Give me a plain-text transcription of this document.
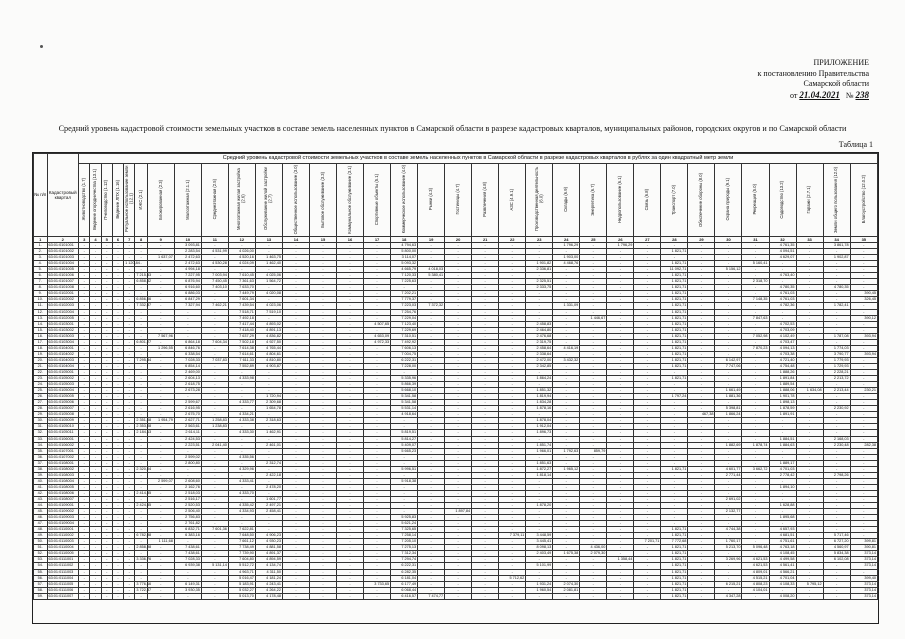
ПРИЛОЖЕНИЕ
к постановлению Правительства
Самарской области
от 21.04.2021 № 238
Средний уровень кадастровой стоимости земельных участков в составе земель населенных пунктов в Самарской области в разрезе кадастровых кварталов, муниципальных районов, городских округов и по Самарской области
Таблица 1
№ п/п	Кадастровый квартал	Средний уровень кадастровой стоимости земельных участков в составе земель населенных пунктов в Самарской области в разрезе кадастровых кварталов в рублях за один квадратный метр земли																																
		Животноводство (1.7)	Ведение огородничества (13.1)	Пчеловодство (1.12)	Ведение ЛПХ (1.16)	Ритуальное использование земли (12.1)	ИЖС (2.1)	Блокированная (2.3)	Малоэтажная (2.1.1)	Среднеэтажная (2.5)	Многоэтажная жилая застройка (2.6)	Обслуживание жилой застройки (2.7)	Общественное использование (3.0)	Бытовое обслуживание (3.3)	Коммунальное обслуживание (3.1)	Спортивные объекты (5.1)	Коммерческое использование (4.0)	Рынки (4.3)	Гостиницы (4.7)	Развлечения (4.8)	АЗС (4.9.1)	Производственная деятельность (6.0)	Склады (6.9)	Энергетика (6.7)	Недропользование (6.1)	Связь (6.8)	Транспорт (7.0)	Обеспечение обороны (8.0)	Охрана природы (9.1)	Рекреация (5.0)	Садоводство (13.2)	Гаражи (2.7.1)	Земли общего пользования (12.0)	Благоустройство (12.0.2)
1	2	3	4	5	6	7	8	9	10	11	12	13	14	15	16	17	18	19	20	21	22	23	24	25	26	27	28	29	30	31	32	33	34	35
1.	63:01:0101001	-	-	-	-	-	-	-	3 093,81	-	-	-	-	-	-	-	4 794,63	-	-	-	-	-	1 796,29	-	1 796,29	-	-	-	-	-	4 761,35	-	3 861,78	-
2.	63:01:0101002	-	-	-	-	-	-	-	2 283,54	4 531,99	4 026,00	-	-	-	-	-	5 800,00	-	-	-	-	-	-	-	-	-	1 821,71	-	-	-	4 094,51	-	-	-
3.	63:01:0101003	-	-	-	-	-	-	1 637,07	2 472,63	-	4 520,16	1 463,75	-	-	-	-	3 114,07	-	-	-	-	-	1 903,00	-	-	-	-	-	-	-	4 629,07	-	1 902,87	-
4.	63:01:0101004	-	-	-	-	1 120,84	-	-	2 472,63	4 530,28	4 024,09	1 462,40	-	-	-	-	5 093,32	-	-	-	-	1 901,82	4 468,76	-	-	-	1 821,71	-	-	5 160,41	-	-	-	-
5.	63:01:0101005	-	-	-	-	-	-	-	4 994,18	-	-	-	-	-	-	-	4 665,79	4 018,03	-	-	-	2 336,81	-	-	-	-	11 092,71	-	5 156,12	-	-	-	-	-
6.	63:01:0101006	-	-	-	-	-	7 215,53	-	7 227,95	7 003,94	7 610,45	4 025,06	-	-	-	-	7 120,33	5 380,41	-	-	-	-	-	-	-	-	1 821,71	-	-	-	4 763,40	-	-	-
7.	63:01:0101007	-	-	-	-	-	6 858,32	-	6 876,94	7 450,45	7 361,63	1 564,72	-	-	-	-	7 225,63	-	-	-	-	2 325,51	-	-	-	-	1 821,71	-	-	2 318,70	-	-	-	-
8.	63:01:0101008	-	-	-	-	-	-	-	6 916,60	7 403,10	7 633,70	-	-	-	-	-	-	-	-	-	-	2 333,75	-	-	-	-	1 821,71	-	-	-	4 780,35	-	4 780,35	-
9.	63:01:0102001	-	-	-	-	-	-	-	6 886,03	-	7 449,79	4 020,08	-	-	-	-	7 202,21	-	-	-	-	-	-	-	-	-	1 821,71	-	-	-	4 761,03	-	-	390,45
10.	63:01:0102002	-	-	-	-	-	6 856,06	-	6 847,29	-	7 601,34	-	-	-	-	-	7 779,37	-	-	-	-	-	-	-	-	-	1 821,71	-	-	7 148,35	4 761,03	-	-	326,45
11.	63:01:0102003	-	-	-	-	-	7 332,87	-	7 327,94	7 462,21	7 439,54	4 023,06	-	-	-	-	7 223,03	7 372,32	-	-	-	-	1 331,09	-	-	-	1 821,71	-	-	-	4 782,36	-	1 782,41	-
12.	63:01:0102004	-	-	-	-	-	-	-	-	-	7 518,71	7 519,10	-	-	-	-	7 254,76	-	-	-	-	-	-	-	-	-	1 821,71	-	-	-	-	-	-	-
13.	63:01:0102005	-	-	-	-	-	-	-	-	-	7 492,18	-	-	-	-	-	7 229,04	-	-	-	-	-	-	1 446,67	-	-	1 821,71	-	-	7 847,63	-	-	-	390,12
14.	63:01:0103001	-	-	-	-	-	-	-	-	-	7 417,44	4 893,02	-	-	-	4 507,65	7 123,40	-	-	-	-	2 458,83	-	-	-	-	1 821,71	-	-	-	4 702,53	-	-	-
15.	63:01:0103002	-	-	-	-	-	-	-	-	-	7 418,40	4 891,13	-	-	-	-	7 229,69	-	-	-	-	2 464,80	-	-	-	-	1 821,71	-	-	-	4 703,09	-	-	-
16.	63:01:0103003	-	-	-	-	-	-	7 567,96	-	-	7 637,29	4 836,82	-	-	-	4 653,09	7 310,51	-	-	-	-	2 476,68	-	-	-	-	1 821,71	-	-	7 052,98	4 102,49	-	1 787,08	393,94
17.	63:01:0103004	-	-	-	-	-	6 801,27	-	6 864,18	7 604,34	7 502,18	4 927,50	-	-	-	4 972,33	7 492,92	-	-	-	-	2 319,75	-	-	-	-	1 821,71	-	-	-	4 703,47	-	-	-
18.	63:01:0104001	-	-	-	-	-	-	1 296,55	6 846,76	-	7 614,38	4 765,44	-	-	-	-	7 606,13	-	-	-	-	2 458,64	4 416,19	-	-	-	1 821,71	-	-	7 870,23	4 094,13	-	1 774,03	-
19.	63:01:0104002	-	-	-	-	-	-	-	6 338,54	-	7 614,61	4 804,61	-	-	-	-	7 004,75	-	-	-	-	2 338,64	-	-	-	-	1 821,71	-	-	-	4 703,38	-	3 790,77	393,94
20.	63:01:0104003	-	-	-	-	-	7 295,34	-	7 028,33	7 037,83	7 611,33	4 810,80	-	-	-	-	6 222,31	-	-	-	-	2 472,00	3 432,32	-	-	-	1 821,71	-	6 142,97	-	4 721,40	-	1 779,93	-
21.	63:01:0104004	-	-	-	-	-	-	-	6 854,14	-	7 552,89	4 903,87	-	-	-	-	7 228,00	-	-	-	-	2 342,85	-	-	-	-	1 821,71	-	7 747,06	-	4 754,48	-	1 729,93	-
22.	63:01:0105001	-	-	-	-	-	-	-	2 469,00	-	-	-	-	-	-	-	-	-	-	-	-	-	-	-	-	-	-	-	-	-	1 888,26	-	2 228,21	-
23.	63:01:0105002	-	-	-	-	-	-	-	2 604,13	-	4 333,98	-	-	-	-	-	5 335,96	-	-	-	-	1 864,24	-	-	-	-	1 821,71	-	-	-	1 891,84	-	2 213,72	-
24.	63:01:0105003	-	-	-	-	-	-	-	2 618,75	-	-	-	-	-	-	-	5 866,39	-	-	-	-	-	-	-	-	-	-	-	-	-	1 889,54	-	-	-
25.	63:01:0105004	-	-	-	-	-	-	-	2 673,28	-	-	-	-	-	-	-	5 668,10	-	-	-	-	1 851,32	-	-	-	-	-	-	1 661,49	-	1 888,06	1 634,08	2 213,44	230,21
26.	63:01:0105005	-	-	-	-	-	-	-	-	-	-	1 720,94	-	-	-	-	5 341,58	-	-	-	-	1 819,94	-	-	-	-	1 797,24	-	1 881,36	-	1 901,78	-	-	-
27.	63:01:0105006	-	-	-	-	-	-	-	2 599,67	-	4 333,77	2 309,68	-	-	-	-	5 341,58	-	-	-	-	1 834,28	-	-	-	-	-	-	-	-	1 898,13	-	-	-
28.	63:01:0105007	-	-	-	-	-	-	-	2 616,95	-	-	1 654,78	-	-	-	-	5 531,14	-	-	-	-	1 878,16	-	-	-	-	-	-	5 398,81	-	1 878,59	-	2 230,92	-
29.	63:01:0105008	-	-	-	-	-	-	-	2 675,70	-	4 334,21	-	-	-	-	-	4 918,64	-	-	-	-	-	-	-	-	-	-	467,38	1 866,24	-	1 891,91	-	-	-
30.	63:01:0105009	-	-	-	-	-	2 351,08	1 954,79	2 627,71	1 258,83	4 333,38	2 318,63	-	-	-	-	-	-	-	-	-	1 878,04	-	-	-	-	-	-	-	-	-	-	-	-
31.	63:01:0105010	-	-	-	-	-	2 353,08	-	2 563,61	1 238,83	-	-	-	-	-	-	-	-	-	-	-	1 912,04	-	-	-	-	-	-	-	-	-	-	-	-
32.	63:01:0105011	-	-	-	-	-	2 184,13	-	2 614,11	-	4 333,30	1 462,91	-	-	-	-	5 819,51	-	-	-	-	1 896,73	-	-	-	-	-	-	-	-	-	-	-	-
33.	63:01:0106001	-	-	-	-	-	-	-	2 424,53	-	-	-	-	-	-	-	5 814,27	-	-	-	-	-	-	-	-	-	-	-	-	-	1 884,51	-	2 168,03	-
34.	63:01:0106002	-	-	-	-	-	-	-	2 223,51	2 041,40	-	2 461,01	-	-	-	-	5 409,07	-	-	-	-	1 851,74	-	-	-	-	-	-	1 882,69	1 878,74	1 884,63	-	2 230,48	282,38
35.	63:01:0107001	-	-	-	-	-	-	-	-	-	-	-	-	-	-	-	5 665,23	-	-	-	-	1 966,01	1 792,63	859,79	-	-	-	-	-	-	-	-	-	-
36.	63:01:0107002	-	-	-	-	-	-	-	2 599,02	-	4 335,56	-	-	-	-	-	-	-	-	-	-	-	-	-	-	-	-	-	-	-	-	-	-	-
37.	63:01:0108001	-	-	-	-	-	-	-	2 800,80	-	-	2 312,74	-	-	-	-	-	-	-	-	-	1 851,63	-	-	-	-	-	-	-	-	1 889,17	-	-	-
38.	63:01:0108002	-	-	-	-	-	2 320,04	-	-	-	4 329,96	-	-	-	-	-	5 996,51	-	-	-	-	1 872,27	1 965,12	-	-	-	1 821,71	-	4 601,77	3 662,72	4 701,03	-	-	-
39.	63:01:0108003	-	-	-	-	-	-	-	-	-	-	2 422,18	-	-	-	-	-	-	-	-	-	1 818,14	-	-	-	-	-	-	2 771,44	-	2 778,42	-	2 798,26	-
40.	63:01:0108004	-	-	-	-	-	-	2 599,07	2 608,60	-	4 333,41	-	-	-	-	-	5 918,38	-	-	-	-	-	-	-	-	-	-	-	-	-	-	-	-	-
41.	63:01:0108005	-	-	-	-	-	-	-	2 162,76	-	-	2 478,20	-	-	-	-	-	-	-	-	-	-	-	-	-	-	-	-	-	-	1 894,10	-	-	-
42.	63:01:0108006	-	-	-	-	-	2 414,55	-	2 518,03	-	4 333,70	-	-	-	-	-	-	-	-	-	-	-	-	-	-	-	-	-	-	-	-	-	-	-
43.	63:01:0108007	-	-	-	-	-	-	-	2 516,17	-	-	1 601,77	-	-	-	-	-	-	-	-	-	-	-	-	-	-	-	-	2 691,02	-	-	-	-	-
44.	63:01:0109001	-	-	-	-	-	2 424,55	-	2 520,53	-	4 335,42	2 497,21	-	-	-	-	-	-	-	-	-	1 878,20	-	-	-	-	-	-	-	-	1 628,88	-	-	-
45.	63:01:0109002	-	-	-	-	-	-	-	2 506,40	-	4 334,93	2 458,41	-	-	-	-	-	-	1 897,84	-	-	-	-	-	-	-	-	-	2 132,77	-	-	-	-	-
46.	63:01:0109003	-	-	-	-	-	-	-	2 756,83	-	-	-	-	-	-	-	5 925,83	-	-	-	-	-	-	-	-	-	-	-	-	-	1 895,68	-	-	-
47.	63:01:0109004	-	-	-	-	-	-	-	2 761,82	-	-	-	-	-	-	-	5 621,24	-	-	-	-	-	-	-	-	-	-	-	-	-	-	-	-	-
48.	63:01:0110001	-	-	-	-	-	-	-	6 832,71	7 601,36	7 622,81	-	-	-	-	-	7 325,65	-	-	-	-	-	-	-	-	-	1 821,71	-	4 744,38	-	4 657,93	-	-	-
49.	63:01:0110002	-	-	-	-	-	6 782,98	-	6 383,16	-	7 648,50	4 906,23	-	-	-	-	7 258,14	-	-	-	7 379,11	3 448,59	-	-	-	-	1 821,71	-	-	-	4 681,51	-	5 717,46	-
50.	63:01:0110003	-	-	-	-	-	-	1 111,68	-	-	7 661,12	4 930,23	-	-	-	-	7 205,10	-	-	-	-	3 445,41	-	-	-	7 201,71	7 772,68	-	1 760,17	-	4 751,61	-	6 727,20	399,81
51.	63:01:0110004	-	-	-	-	-	2 858,98	-	7 438,61	-	7 738,49	4 881,58	-	-	-	-	7 275,13	-	-	-	-	8 098,13	-	4 436,00	-	-	1 821,71	-	5 213,70	5 096,48	4 763,18	-	4 560,97	390,81
52.	63:01:0110005	-	-	-	-	-	-	-	7 438,61	-	7 739,90	4 891,37	-	-	-	-	7 312,34	-	-	-	-	2 403,49	1 675,38	2 079,30	-	-	1 821,71	-	-	-	4 108,45	-	5 834,38	373,14
53.	63:01:0111001	-	-	-	-	-	3 336,76	-	7 028,33	-	7 604,80	4 894,59	-	-	-	-	7 294,74	-	-	-	-	-	-	-	1 358,44	-	1 821,71	-	3 269,96	4 621,53	4 499,58	-	6 102,08	373,14
54.	63:01:0111002	-	-	-	-	-	-	-	6 939,38	5 131,14	5 512,72	4 134,74	-	-	-	-	6 222,31	-	-	-	-	5 101,99	-	-	-	-	1 821,71	-	-	4 621,53	4 561,41	-	-	373,14
55.	63:01:0111003	-	-	-	-	-	-	-	-	-	4 963,71	4 311,50	-	-	-	-	6 282,35	-	-	-	-	-	-	-	-	-	1 821,71	-	-	4 809,01	4 566,21	-	-	-
56.	63:01:0111004	-	-	-	-	-	-	-	-	-	5 016,47	4 181,24	-	-	-	-	6 181,04	-	-	-	5 712,62	-	-	-	-	-	1 821,71	-	-	4 515,21	4 701,04	-	-	399,40
57.	63:01:0111005	-	-	-	-	-	3 776,16	-	6 149,31	-	5 183,91	4 243,41	-	-	-	3 733,65	6 177,49	-	-	-	-	1 931,24	2 074,30	-	-	-	1 821,71	-	6 215,21	4 808,23	4 108,33	5 795,12	-	373,14
58.	63:01:0111006	-	-	-	-	-	3 722,37	-	3 930,35	-	5 032,27	4 264,22	-	-	-	-	6 068,44	-	-	-	-	1 960,54	2 081,81	-	-	-	1 821,71	-	-	4 104,01	-	-	-	373,14
59.	63:01:0111007	-	-	-	-	-	-	-	-	-	5 013,70	4 178,48	-	-	-	-	6 416,57	7 474,77	-	-	-	-	-	-	-	-	1 821,71	-	4 347,28	-	4 008,20	-	-	373,14
